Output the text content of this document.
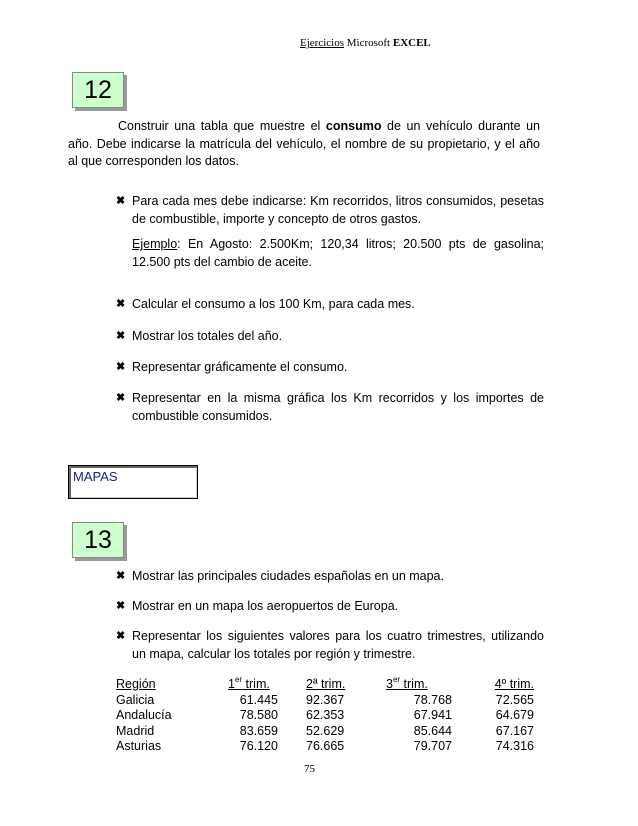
Ejercicios Microsoft EXCEL
12
Construir una tabla que muestre el consumo de un vehículo durante un año. Debe indicarse la matrícula del vehículo, el nombre de su propietario, y el año al que corresponden los datos.
✖ Para cada mes debe indicarse: Km recorridos, litros consumidos, pesetas de combustible, importe y concepto de otros gastos.
Ejemplo: En Agosto: 2.500Km; 120,34 litros; 20.500 pts de gasolina; 12.500 pts del cambio de aceite.
✖ Calcular el consumo a los 100 Km, para cada mes.
✖ Mostrar los totales del año.
✖ Representar gráficamente el consumo.
✖ Representar en la misma gráfica los Km recorridos y los importes de combustible consumidos.
MAPAS
13
✖ Mostrar las principales ciudades españolas en un mapa.
✖ Mostrar en un mapa los aeropuertos de Europa.
✖ Representar los siguientes valores para los cuatro trimestres, utilizando un mapa, calcular los totales por región y trimestre.
Región	1er trim.	2ª trim.	3er trim.	4º trim.
Galicia	61.445	92.367	78.768	72.565
Andalucía	78.580	62.353	67.941	64.679
Madrid	83.659	52.629	85.644	67.167
Asturias	76.120	76.665	79.707	74.316
75
